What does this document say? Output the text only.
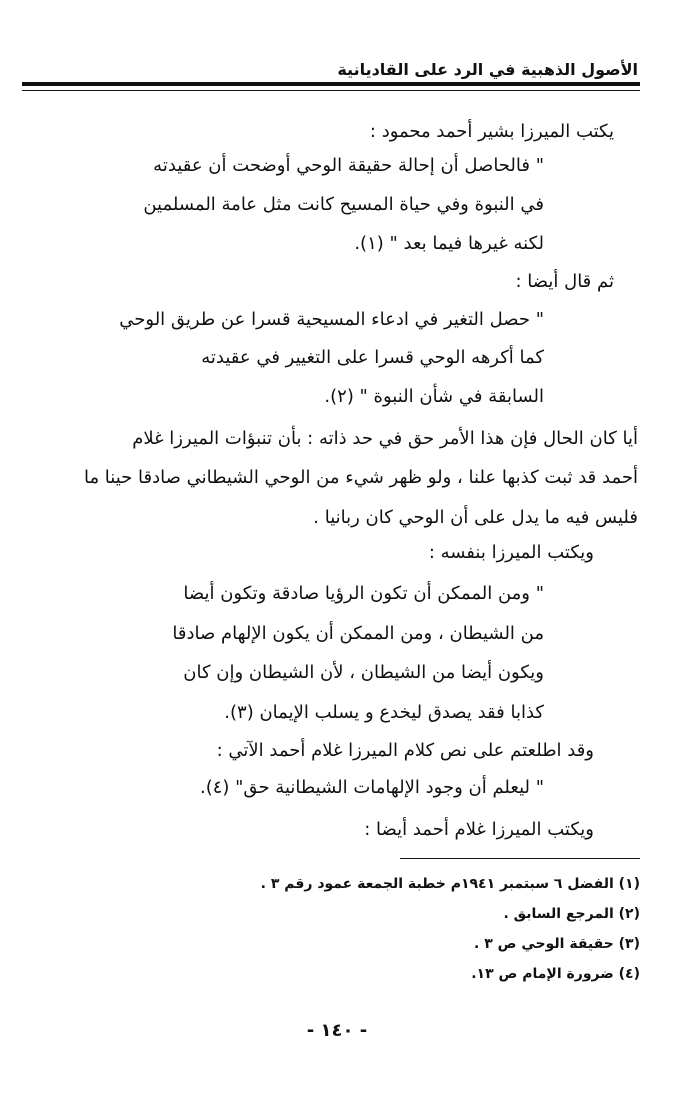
الأصول الذهبية في الرد على القاديانية
يكتب الميرزا بشير أحمد محمود :
" فالحاصل أن إحالة حقيقة الوحي أوضحت أن عقيدته
في النبوة وفي حياة المسيح كانت مثل عامة المسلمين
لكنه غيرها فيما بعد " (١).
ثم قال أيضا :
" حصل التغير في ادعاء المسيحية قسرا عن طريق الوحي
كما أكرهه الوحي قسرا على التغيير في عقيدته
السابقة في شأن النبوة " (٢).
أيا كان الحال فإن هذا الأمر حق في حد ذاته : بأن تنبؤات الميرزا غلام
أحمد قد ثبت كذبها علنا ، ولو ظهر شيء من الوحي الشيطاني صادقا حينا ما
فليس فيه ما يدل على أن الوحي كان ربانيا .
ويكتب الميرزا بنفسه :
" ومن الممكن أن تكون الرؤيا صادقة وتكون أيضا
من الشيطان ، ومن الممكن أن يكون الإلهام صادقا
ويكون أيضا من الشيطان ، لأن الشيطان وإن كان
كذابا فقد يصدق ليخدع و يسلب الإيمان (٣).
وقد اطلعتم على نص كلام الميرزا غلام أحمد الآتي :
" ليعلم أن وجود الإلهامات الشيطانية حق" (٤).
ويكتب الميرزا غلام أحمد أيضا :
(١) الفضل ٦ سبتمبر ١٩٤١م خطبة الجمعة عمود رقم ٣ .
(٢) المرجع السابق .
(٣) حقيقة الوحي ص ٣ .
(٤) ضرورة الإمام ص ١٣.
- ١٤٠ -
